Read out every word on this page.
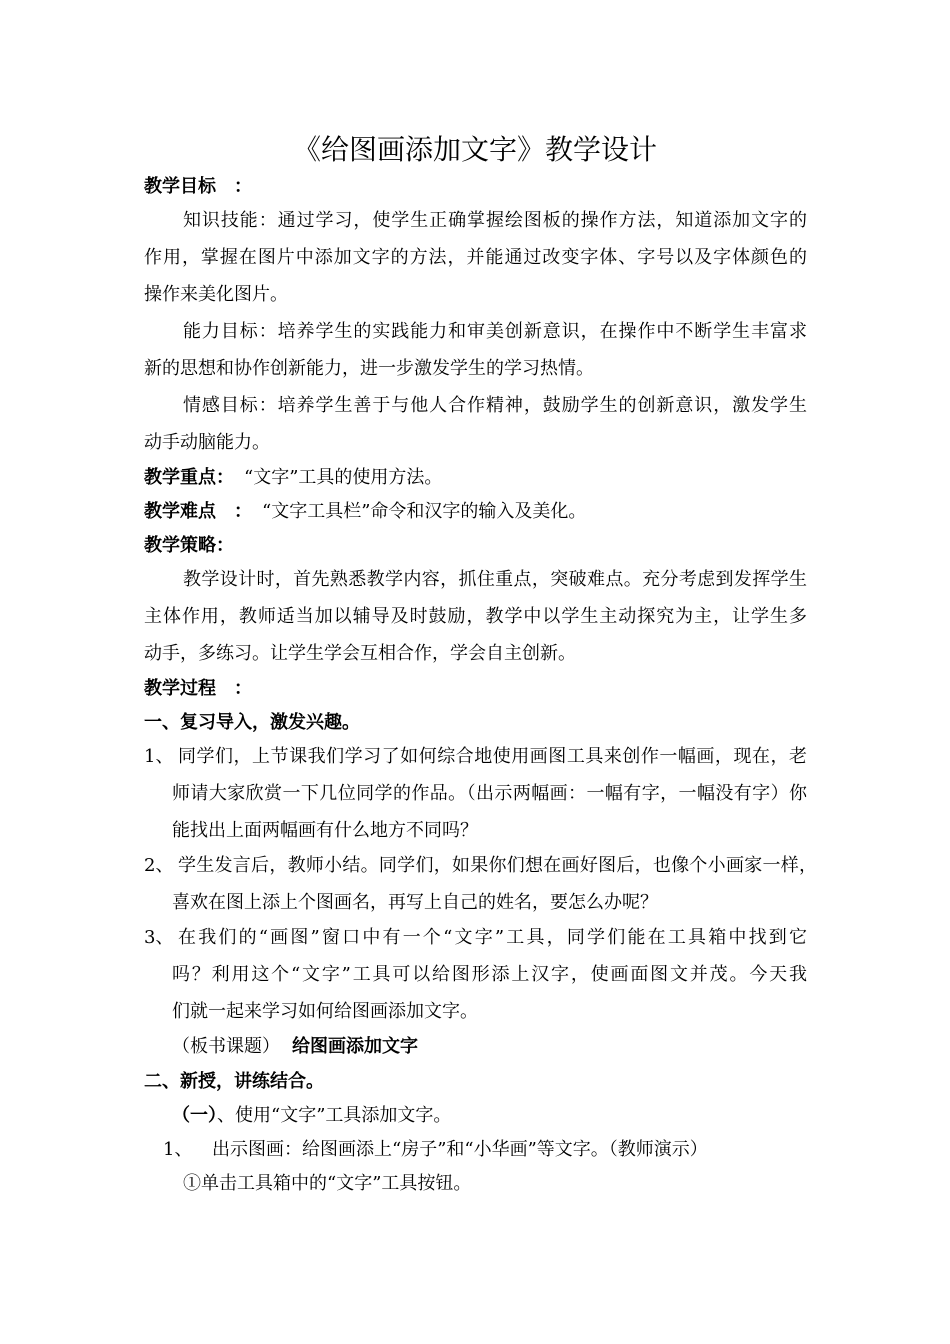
《给图画添加文字》教学设计
教学目标　：
知识技能：通过学习，使学生正确掌握绘图板的操作方法，知道添加文字的
作用，掌握在图片中添加文字的方法，并能通过改变字体、字号以及字体颜色的
操作来美化图片。
能力目标：培养学生的实践能力和审美创新意识，在操作中不断学生丰富求
新的思想和协作创新能力，进一步激发学生的学习热情。
情感目标：培养学生善于与他人合作精神，鼓励学生的创新意识，激发学生
动手动脑能力。
教学重点： “文字”工具的使用方法。
教学难点　： “文字工具栏”命令和汉字的输入及美化。
教学策略：
教学设计时，首先熟悉教学内容，抓住重点，突破难点。充分考虑到发挥学生
主体作用，教师适当加以辅导及时鼓励，教学中以学生主动探究为主，让学生多
动手，多练习。让学生学会互相合作，学会自主创新。
教学过程　：
一、复习导入，激发兴趣。
1、 同学们，上节课我们学习了如何综合地使用画图工具来创作一幅画，现在，老
师请大家欣赏一下几位同学的作品。（出示两幅画：一幅有字，一幅没有字）你
能找出上面两幅画有什么地方不同吗？
2、 学生发言后，教师小结。同学们，如果你们想在画好图后，也像个小画家一样，
喜欢在图上添上个图画名，再写上自己的姓名，要怎么办呢？
3、 在我们的“画图”窗口中有一个“文字”工具，同学们能在工具箱中找到它
吗？利用这个“文字”工具可以给图形添上汉字，使画面图文并茂。今天我
们就一起来学习如何给图画添加文字。
（板书课题） 给图画添加文字
二、新授，讲练结合。
（一）、使用“文字”工具添加文字。
1、 出示图画：给图画添上“房子”和“小华画”等文字。（教师演示）
①单击工具箱中的“文字”工具按钮。
